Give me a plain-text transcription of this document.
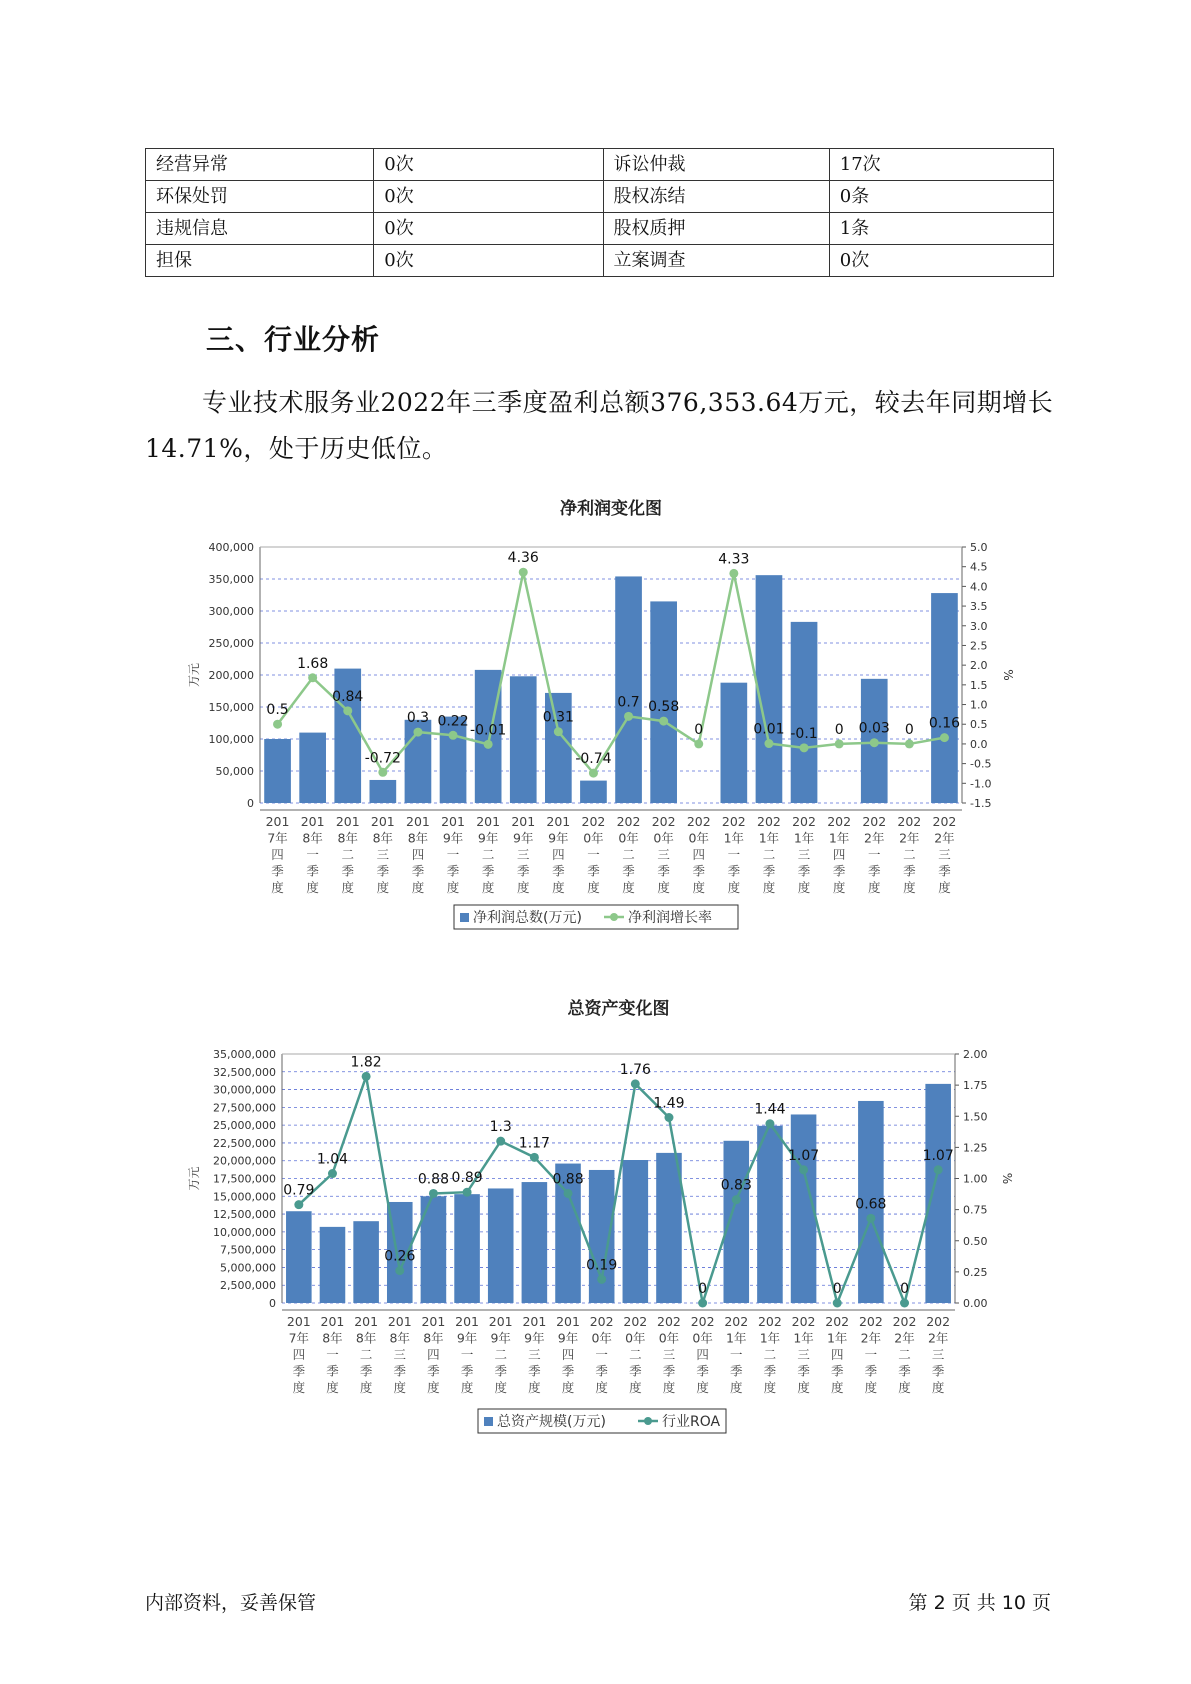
经营异常	0次	诉讼仲裁	17次
环保处罚	0次	股权冻结	0条
违规信息	0次	股权质押	1条
担保	0次	立案调查	0次
三、行业分析
专业技术服务业2022年三季度盈利总额376,353.64万元，较去年同期增长14.71%，处于历史低位。
净利润变化图
0
50,000
100,000
150,000
200,000
250,000
300,000
350,000
400,000
-1.5
-1.0
-0.5
0.0
0.5
1.0
1.5
2.0
2.5
3.0
3.5
4.0
4.5
5.0
万元	%
201
7年
四
季
度
201
8年
一
季
度
201
8年
二
季
度
201
8年
三
季
度
201
8年
四
季
度
201
9年
一
季
度
201
9年
二
季
度
201
9年
三
季
度
201
9年
四
季
度
202
0年
一
季
度
202
0年
二
季
度
202
0年
三
季
度
202
0年
四
季
度
202
1年
一
季
度
202
1年
二
季
度
202
1年
三
季
度
202
1年
四
季
度
202
2年
一
季
度
202
2年
二
季
度
202
2年
三
季
度
0.5
1.68
0.84
-0.72
0.3 0.22
-0.01
4.36
0.31
-0.74
0.7 0.58
0
4.33
0.01 -0.1 0 0.03 0 0.16
净利润总数(万元)	净利润增长率
总资产变化图
0
2,500,000
5,000,000
7,500,000
10,000,000
12,500,000
15,000,000
17,500,000
20,000,000
22,500,000
25,000,000
27,500,000
30,000,000
32,500,000
35,000,000
0.00
0.25
0.50
0.75
1.00
1.25
1.50
1.75
2.00
万元	%
201
7年
四
季
度
201
8年
一
季
度
201
8年
二
季
度
201
8年
三
季
度
201
8年
四
季
度
201
9年
一
季
度
201
9年
二
季
度
201
9年
三
季
度
201
9年
四
季
度
202
0年
一
季
度
202
0年
二
季
度
202
0年
三
季
度
202
0年
四
季
度
202
1年
一
季
度
202
1年
二
季
度
202
1年
三
季
度
202
1年
四
季
度
202
2年
一
季
度
202
2年
二
季
度
202
2年
三
季
度
0.79
1.04
1.82
0.26
0.88 0.89
1.3
1.17
0.88
0.19
1.76
1.49
0
0.83
1.44
1.07
0
0.68
0
1.07
总资产规模(万元)	行业ROA
内部资料，妥善保管	第 2 页 共 10 页
